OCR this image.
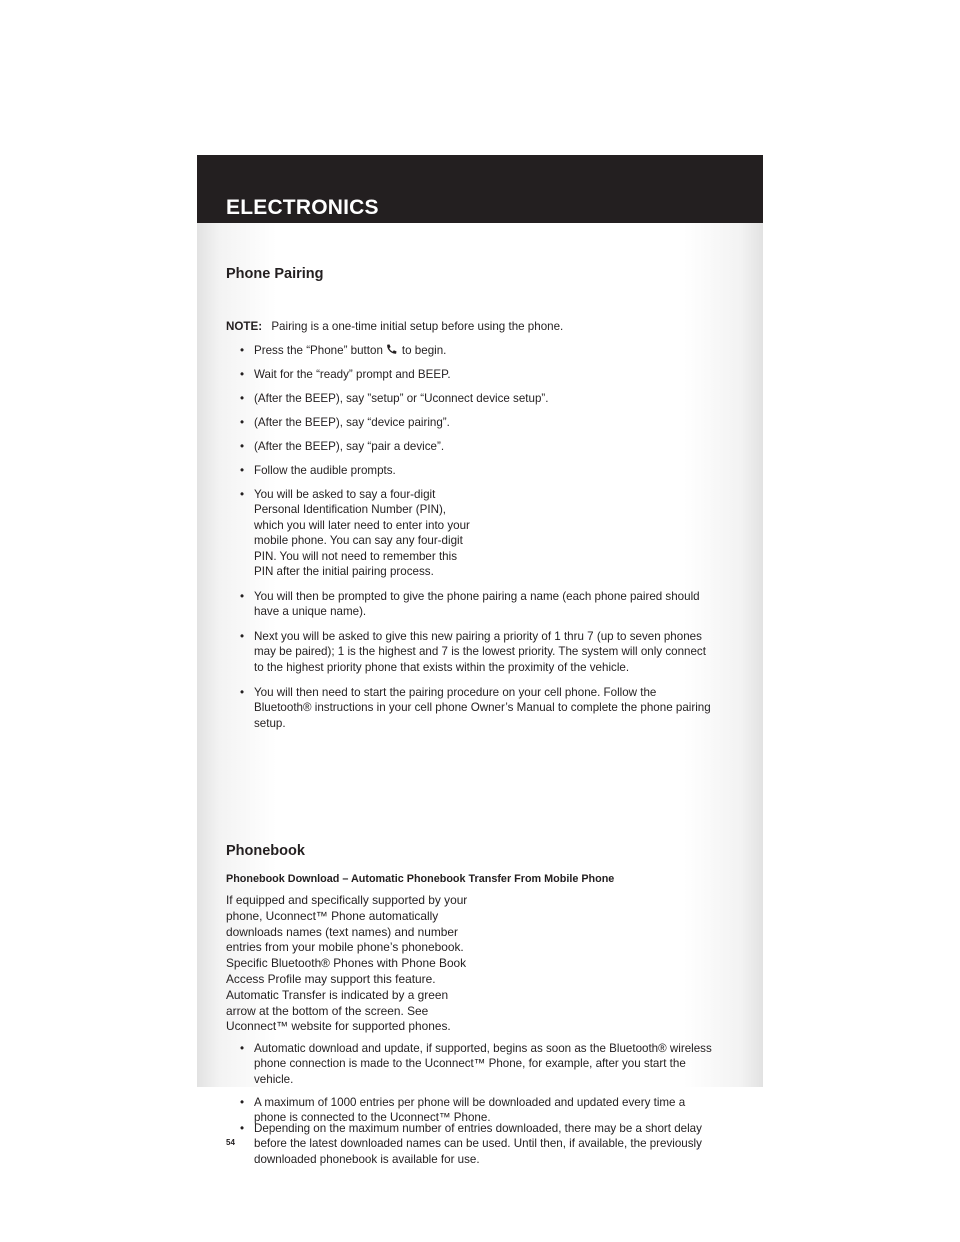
ELECTRONICS
Phone Pairing
NOTE: Pairing is a one-time initial setup before using the phone.
• Press the “Phone” button to begin.
• Wait for the “ready” prompt and BEEP.
• (After the BEEP), say ”setup” or “Uconnect device setup”.
• (After the BEEP), say “device pairing”.
• (After the BEEP), say “pair a device”.
• Follow the audible prompts.
• You will be asked to say a four-digit
Personal Identification Number (PIN),
which you will later need to enter into your
mobile phone. You can say any four-digit
PIN. You will not need to remember this
PIN after the initial pairing process.
• You will then be prompted to give the phone pairing a name (each phone paired should
have a unique name).
• Next you will be asked to give this new pairing a priority of 1 thru 7 (up to seven phones
may be paired); 1 is the highest and 7 is the lowest priority. The system will only connect
to the highest priority phone that exists within the proximity of the vehicle.
• You will then need to start the pairing procedure on your cell phone. Follow the
Bluetooth® instructions in your cell phone Owner’s Manual to complete the phone pairing
setup.
Phonebook
Phonebook Download – Automatic Phonebook Transfer From Mobile Phone
If equipped and specifically supported by your
phone, Uconnect™ Phone automatically
downloads names (text names) and number
entries from your mobile phone’s phonebook.
Specific Bluetooth® Phones with Phone Book
Access Profile may support this feature.
Automatic Transfer is indicated by a green
arrow at the bottom of the screen. See
Uconnect™ website for supported phones.
• Automatic download and update, if supported, begins as soon as the Bluetooth® wireless
phone connection is made to the Uconnect™ Phone, for example, after you start the
vehicle.
• A maximum of 1000 entries per phone will be downloaded and updated every time a
phone is connected to the Uconnect™ Phone.
• Depending on the maximum number of entries downloaded, there may be a short delay
before the latest downloaded names can be used. Until then, if available, the previously
downloaded phonebook is available for use.
54
